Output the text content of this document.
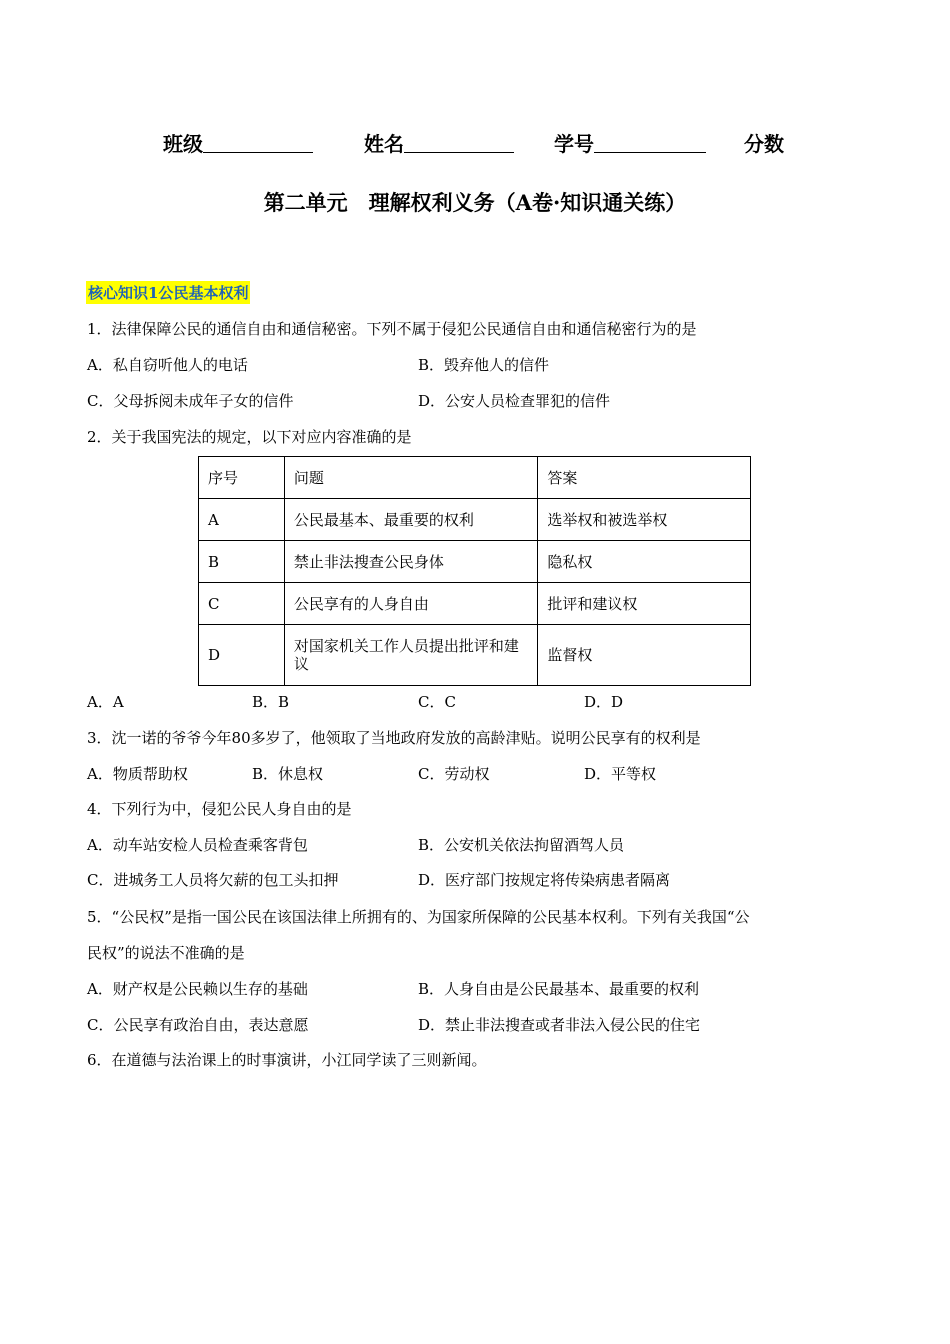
班级	姓名	学号	分数
第二单元　理解权利义务（A卷·知识通关练）
核心知识1公民基本权利
1．法律保障公民的通信自由和通信秘密。下列不属于侵犯公民通信自由和通信秘密行为的是
A．私自窃听他人的电话	B．毁弃他人的信件
C．父母拆阅未成年子女的信件	D．公安人员检查罪犯的信件
2．关于我国宪法的规定，以下对应内容准确的是
序号	问题	答案
A	公民最基本、最重要的权利	选举权和被选举权
B	禁止非法搜查公民身体	隐私权
C	公民享有的人身自由	批评和建议权
D	对国家机关工作人员提出批评和建议	监督权
A．A	B．B	C．C	D．D
3．沈一诺的爷爷今年80多岁了，他领取了当地政府发放的高龄津贴。说明公民享有的权利是
A．物质帮助权	B．休息权	C．劳动权	D．平等权
4．下列行为中，侵犯公民人身自由的是
A．动车站安检人员检查乘客背包	B．公安机关依法拘留酒驾人员
C．进城务工人员将欠薪的包工头扣押	D．医疗部门按规定将传染病患者隔离
5．“公民权”是指一国公民在该国法律上所拥有的、为国家所保障的公民基本权利。下列有关我国“公
民权”的说法不准确的是
A．财产权是公民赖以生存的基础	B．人身自由是公民最基本、最重要的权利
C．公民享有政治自由，表达意愿	D．禁止非法搜查或者非法入侵公民的住宅
6．在道德与法治课上的时事演讲，小江同学读了三则新闻。
